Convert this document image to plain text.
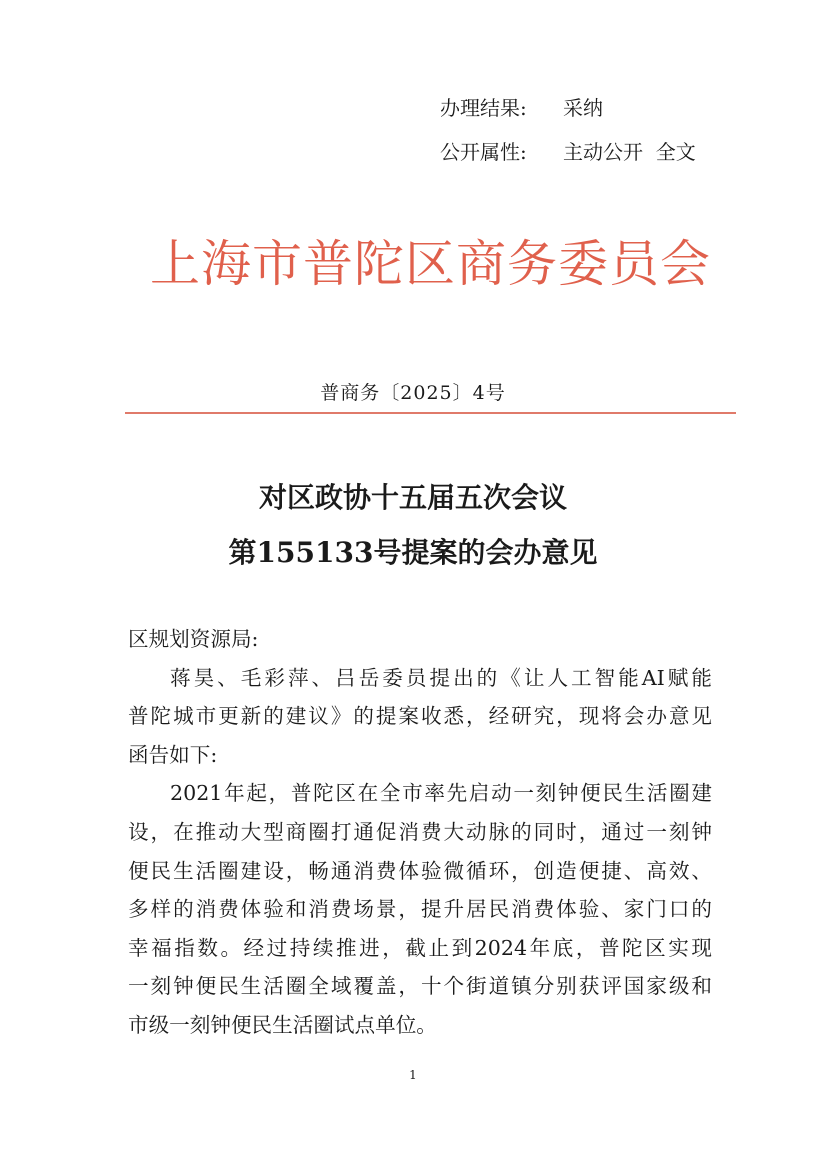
办理结果: 采纳
公开属性: 主动公开  全文
上海市普陀区商务委员会
普商务〔2025〕4号
对区政协十五届五次会议
第155133号提案的会办意见
区规划资源局:
蒋昊、毛彩萍、吕岳委员提出的《让人工智能AI赋能
普陀城市更新的建议》的提案收悉，经研究，现将会办意见
函告如下:
2021年起，普陀区在全市率先启动一刻钟便民生活圈建
设，在推动大型商圈打通促消费大动脉的同时，通过一刻钟
便民生活圈建设，畅通消费体验微循环，创造便捷、高效、
多样的消费体验和消费场景，提升居民消费体验、家门口的
幸福指数。经过持续推进，截止到2024年底，普陀区实现
一刻钟便民生活圈全域覆盖，十个街道镇分别获评国家级和
市级一刻钟便民生活圈试点单位。
1
